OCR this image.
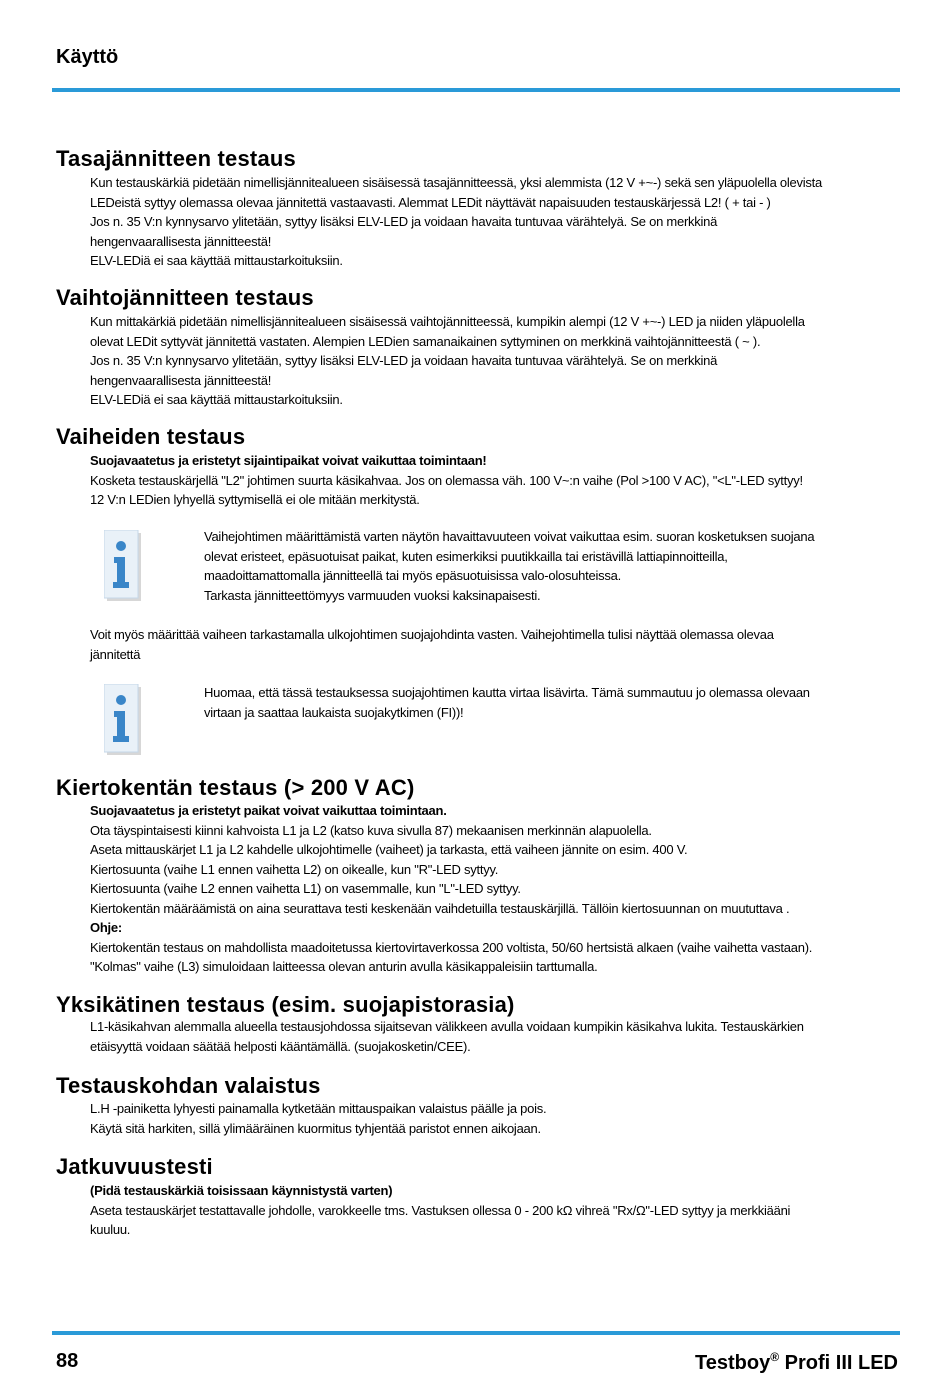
Käyttö
Tasajännitteen testaus

Kun testauskärkiä pidetään nimellisjännitealueen sisäisessä tasajännitteessä, yksi alemmista (12 V +~-) sekä sen yläpuolella olevista

LEDeistä syttyy olemassa olevaa jännitettä vastaavasti. Alemmat LEDit näyttävät napaisuuden testauskärjessä L2! ( + tai - )

Jos n. 35 V:n kynnysarvo ylitetään, syttyy lisäksi ELV-LED ja voidaan havaita tuntuvaa värähtelyä. Se on merkkinä

hengenvaarallisesta jännitteestä!

ELV-LEDiä ei saa käyttää mittaustarkoituksiin.

Vaihtojännitteen testaus

Kun mittakärkiä pidetään nimellisjännitealueen sisäisessä vaihtojännitteessä, kumpikin alempi (12 V +~-) LED ja niiden yläpuolella

olevat LEDit syttyvät jännitettä vastaten. Alempien LEDien samanaikainen syttyminen on merkkinä vaihtojännitteestä ( ~ ).

Jos n. 35 V:n kynnysarvo ylitetään, syttyy lisäksi ELV-LED ja voidaan havaita tuntuvaa värähtelyä. Se on merkkinä

hengenvaarallisesta jännitteestä!

ELV-LEDiä ei saa käyttää mittaustarkoituksiin.

Vaiheiden testaus

Suojavaatetus ja eristetyt sijaintipaikat voivat vaikuttaa toimintaan!

Kosketa testauskärjellä "L2" johtimen suurta käsikahvaa. Jos on olemassa väh. 100 V~:n vaihe (Pol >100 V AC), "<L"-LED syttyy!

12 V:n LEDien lyhyellä syttymisellä ei ole mitään merkitystä.

Vaihejohtimen määrittämistä varten näytön havaittavuuteen voivat vaikuttaa esim. suoran kosketuksen suojana

olevat eristeet, epäsuotuisat paikat, kuten esimerkiksi puutikkailla tai eristävillä lattiapinnoitteilla,

maadoittamattomalla jännitteellä tai myös epäsuotuisissa valo-olosuhteissa.

Tarkasta jännitteettömyys varmuuden vuoksi kaksinapaisesti.

Voit myös määrittää vaiheen tarkastamalla ulkojohtimen suojajohdinta vasten. Vaihejohtimella tulisi näyttää olemassa olevaa

jännitettä

Huomaa, että tässä testauksessa suojajohtimen kautta virtaa lisävirta. Tämä summautuu jo olemassa olevaan

virtaan ja saattaa laukaista suojakytkimen (FI))!

Kiertokentän testaus (> 200 V AC)

Suojavaatetus ja eristetyt paikat voivat vaikuttaa toimintaan.

Ota täyspintaisesti kiinni kahvoista L1 ja L2 (katso kuva sivulla 87) mekaanisen merkinnän alapuolella.

Aseta mittauskärjet L1 ja L2 kahdelle ulkojohtimelle (vaiheet) ja tarkasta, että vaiheen jännite on esim. 400 V.

Kiertosuunta (vaihe L1 ennen vaihetta L2) on oikealle, kun "R"-LED syttyy.

Kiertosuunta (vaihe L2 ennen vaihetta L1) on vasemmalle, kun "L"-LED syttyy.

Kiertokentän määräämistä on aina seurattava testi keskenään vaihdetuilla testauskärjillä. Tällöin kiertosuunnan on muututtava .

Ohje:

Kiertokentän testaus on mahdollista maadoitetussa kiertovirtaverkossa 200 voltista, 50/60 hertsistä alkaen (vaihe vaihetta vastaan).

"Kolmas" vaihe (L3) simuloidaan laitteessa olevan anturin avulla käsikappaleisiin tarttumalla.

Yksikätinen testaus (esim. suojapistorasia)

L1-käsikahvan alemmalla alueella testausjohdossa sijaitsevan välikkeen avulla voidaan kumpikin käsikahva lukita. Testauskärkien

etäisyyttä voidaan säätää helposti kääntämällä. (suojakosketin/CEE).

Testauskohdan valaistus

L.H -painiketta lyhyesti painamalla kytketään mittauspaikan valaistus päälle ja pois.

Käytä sitä harkiten, sillä ylimääräinen kuormitus tyhjentää paristot ennen aikojaan.

Jatkuvuustesti

(Pidä testauskärkiä toisissaan käynnistystä varten)

Aseta testauskärjet testattavalle johdolle, varokkeelle tms. Vastuksen ollessa 0 - 200 kΩ vihreä "Rx/Ω"-LED syttyy ja merkkiääni

kuuluu.

88	Testboy® Profi III LED
